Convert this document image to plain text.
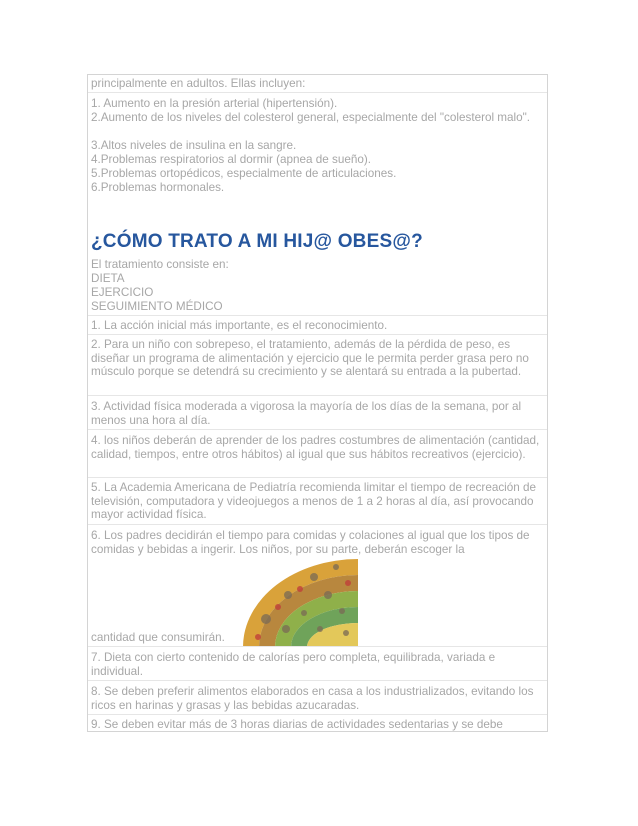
principalmente en adultos. Ellas incluyen:

1. Aumento en la presión arterial (hipertensión).

2.Aumento de los niveles del colesterol general, especialmente del "colesterol malo".

3.Altos niveles de insulina en la sangre.

4.Problemas respiratorios al dormir (apnea de sueño).

5.Problemas ortopédicos, especialmente de articulaciones.

6.Problemas hormonales.

¿CÓMO TRATO A MI HIJ@ OBES@?

El tratamiento consiste en:

DIETA

EJERCICIO

SEGUIMIENTO MÉDICO

1. La acción inicial más importante, es el reconocimiento.

2. Para un niño con sobrepeso, el tratamiento, además de la pérdida de peso, es diseñar un programa de alimentación y ejercicio que le permita perder grasa pero no músculo porque se detendrá su crecimiento y se alentará su entrada a la pubertad.

3. Actividad física moderada a vigorosa la mayoría de los días de la semana, por al menos una hora al día.

4. los niños deberán de aprender de los padres costumbres de alimentación (cantidad, calidad, tiempos, entre otros hábitos) al igual que sus hábitos recreativos (ejercicio).

5. La Academia Americana de Pediatría recomienda limitar el tiempo de recreación de televisión, computadora y videojuegos a menos de 1 a 2 horas al día, así provocando mayor actividad física.

6. Los padres decidirán el tiempo para comidas y colaciones al igual que los tipos de comidas y bebidas a ingerir. Los niños, por su parte, deberán escoger la

cantidad que consumirán.

7. Dieta con cierto contenido de calorías pero completa, equilibrada, variada e individual.

8. Se deben preferir alimentos elaborados en casa a los industrializados, evitando los ricos en harinas y grasas y las bebidas azucaradas.

9. Se deben evitar más de 3 horas diarias de actividades sedentarias y se debe
